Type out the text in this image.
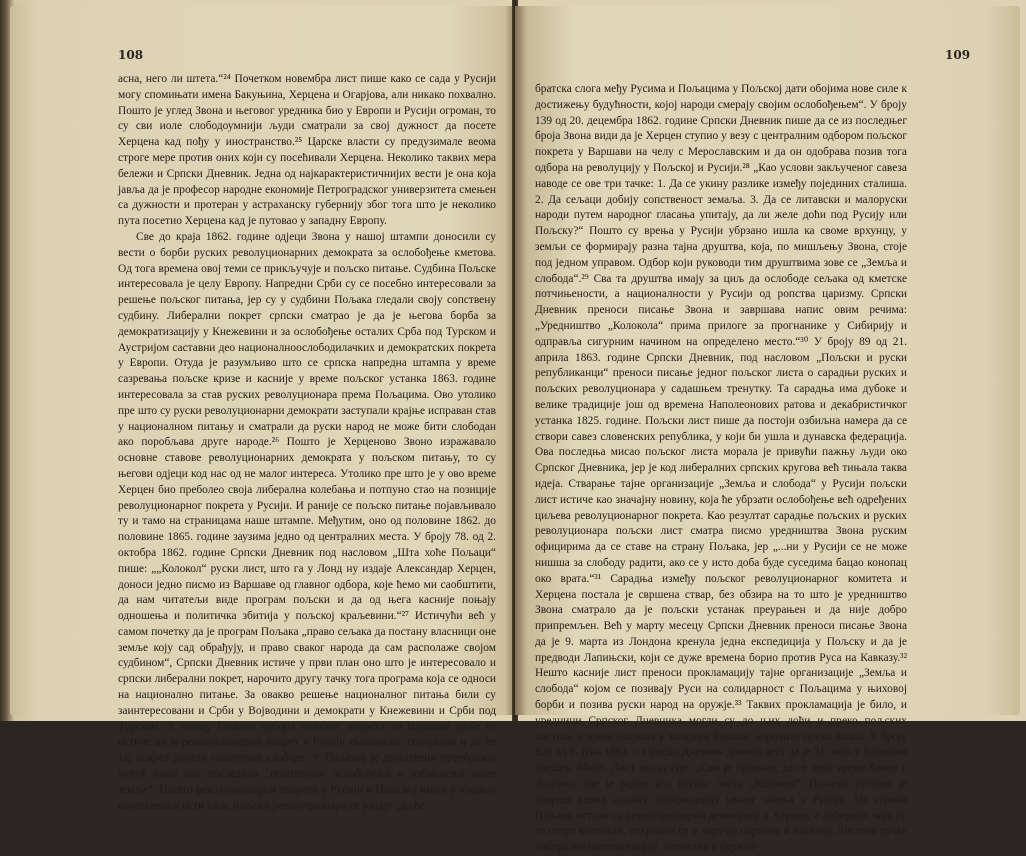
108

асна, него ли штета.“²⁴ Почетком новембра лист пише како се сада у Русији могу спомињати имена Бакуњина, Херцена и Огарјова, али никако похвално. Пошто је углед Звона и његовог уредника био у Европи и Русији огроман, то су сви иоле слободоумнији људи сматрали за свој дужност да посете Херцена кад пођу у иностранство.²⁵ Царске власти су предузимале веома строге мере против оних који су посећивали Херцена. Неколико таквих мера бележи и Српски Дневник. Једна од најкарактеристичнијих вести је она која јавља да је професор народне економије Петроградског универзитета смењен са дужности и протеран у астраханску губернију због тога што је неколико пута посетио Херцена кад је путовао у западну Европу.

Све до краја 1862. године одјеци Звона у нашој штампи доносили су вести о борби руских револуционарних демократа за ослобођење кметова. Од тога времена овој теми се прикључује и пољско питање. Судбина Пољске интересовала је целу Европу. Напредни Срби су се посебно интересовали за решење пољског питања, јер су у судбини Пољака гледали своју сопствену судбину. Либерални покрет српски сматрао је да је његова борба за демократизацију у Кнежевини и за ослобођење осталих Срба под Турском и Аустријом саставни део националноослободилачких и демократских покрета у Европи. Отуда је разумљиво што се српска напредна штампа у време сазревања пољске кризе и касније у време пољског устанка 1863. године интересовала за став руских револуционара према Пољацима. Ово утолико пре што су руски револуционарни демократи заступали крајње исправан став у националном питању и сматрали да руски народ не може бити слободан ако поробљава друге народе.²⁶ Пошто је Херценово Звоно изражавало основне ставове револуционарних демократа у пољском питању, то су његови одјеци код нас од не малог интереса. Утолико пре што је у ово време Херцен био преболео своја либерална колебања и потпуно стао на позиције револуционарног покрета у Русији. И раније се пољско питање појављивало ту и тамо на страницама наше штампе. Међутим, оно од половине 1862. до половине 1865. године заузима једно од централних места. У броју 78. од 2. октобра 1862. године Српски Дневник под насловом „Шта хоће Пољаци“ пише: „„Колокол“ руски лист, што га у Лонд ну издаје Александар Херцен, доноси једно писмо из Варшаве од главног одбора, које ћемо ми саобштити, да нам читатељи виде програм пољски и да од њега касније поњају одношења и политичка збитија у пољској краљевини.“²⁷ Истичући већ у самом почетку да је програм Пољака „право сељака да постану власници оне земље коју сад обрађују, и право сваког народа да сам располаже својом судбином“, Српски Дневник истиче у први план оно што је интересовало и српски либерални покрет, нарочито другу тачку тога програма која се односи на национално питање. За овакво решење националног питања били су заинтересовани и Срби у Војводини и демократи у Кнежевини и Срби под Турском. У писму Главног одбора пољског покрета из Варшаве даље се истиче да је револуционарни покрет у Русији економски, социјални и да ће тај покрет донети политичке слободе. У Пољској је друштвени преображај могућ само као последица „политичког ослобођења и избављења наше земље“. Пошто револуционарни покрети у Русији и Пољској имају у крајњој консеквенци исти циљ, пољски револуционари се уздају „да ће

109

братска слога међу Русима и Пољацима у Пољској дати обојима нове силе к достижењу будућности, којој народи смерају својим ослобођењем“. У броју 139 од 20. децембра 1862. године Српски Дневник пише да се из последњег броја Звона види да је Херцен ступио у везу с централним одбором пољског покрета у Варшави на челу с Мерославским и да он одобрава позив тога одбора на револуцију у Пољској и Русији.²⁸ „Као услови закљученог савеза наводе се ове три тачке: 1. Да се укину разлике између појединих сталиша. 2. Да сељаци добију сопственост земаља. 3. Да се литавски и малоруски народи путем народног гласања упитају, да ли желе доћи под Русију или Пољску?“ Пошто су врења у Русији убрзано ишла ка своме врхунцу, у земљи се формирају разна тајна друштва, која, по мишљењу Звона, стоје под једном управом. Одбор који руководи тим друштвима зове се „Земља и слобода“.²⁹ Сва та друштва имају за циљ да ослободе сељака од кметске потчињености, а националности у Русији од ропства царизму. Српски Дневник преноси писање Звона и завршава напис овим речима: „Уредништво „Колокола“ прима прилоге за прогнанике у Сибирију и одправља сигурним начином на определено место.“³⁰ У броју 89 од 21. априла 1863. године Српски Дневник, под насловом „Пољски и руски републиканци“ преноси писање једног пољског листа о сарадњи руских и пољских револуционара у садашњем тренутку. Та сарадња има дубоке и велике традиције још од времена Наполеонових ратова и декабристичког устанка 1825. године. Пољски лист пише да постоји озбиљна намера да се створи савез словенских република, у који би ушла и дунавска федерација. Ова последња мисао пољског листа морала је привући пажњу људи око Српског Дневника, јер је код либералних српских кругова већ тињала таква идеја. Стварање тајне организације „Земља и слобода“ у Русији пољски лист истиче као значајну новину, која ће убрзати ослобођење већ одређених циљева револуционарног покрета. Као резултат сарадње пољских и руских револуционара пољски лист сматра писмо уредништва Звона руским официрима да се ставе на страну Пољака, јер „...ни у Русији се не може нишша за слободу радити, ако се у исто доба буде суседима бацао конопац око врата.“³¹ Сарадња између пољског револуционарног комитета и Херцена постала је свршена ствар, без обзира на то што је уредништво Звона сматрало да је пољски устанак преурањен и да није добро припремљен. Већ у марту месецу Српски Дневник преноси писање Звона да је 9. марта из Лондона кренула једна експедиција у Пољску и да је предводи Лапињски, који се дуже времена борио против Руса на Кавказу.³² Нешто касније лист преноси прокламацију тајне организације „Земља и слобода“ којом се позивају Руси на солидарност с Пољацима у њиховој борби и позива руски народ на оружје.³³ Таквих прокламација је било, и уредници Српског Дневника могли су до њих доћи и преко пољских листова и преко листова у западној Европи, нарочито преко Звона. У броју 126 од 8. јуна 1863. г. Српски Дневник доноси вест да је 31. маја у Варшави обешен Абихт. Лист закључује: „Сам је признао, да се неко време бавио у Лондону где је радио код руског листа „Колокол“. Пољски устанак је изврши веома снажну поларизацију јавног мнења у Русији. На страни Пољака остали су револуционарни демократи и Херцен, а либерали, који су се отпре колебали, похрлили су у наручје царизму и Каткову. Листови руске либералне интелигенције, племства и буржоа-
